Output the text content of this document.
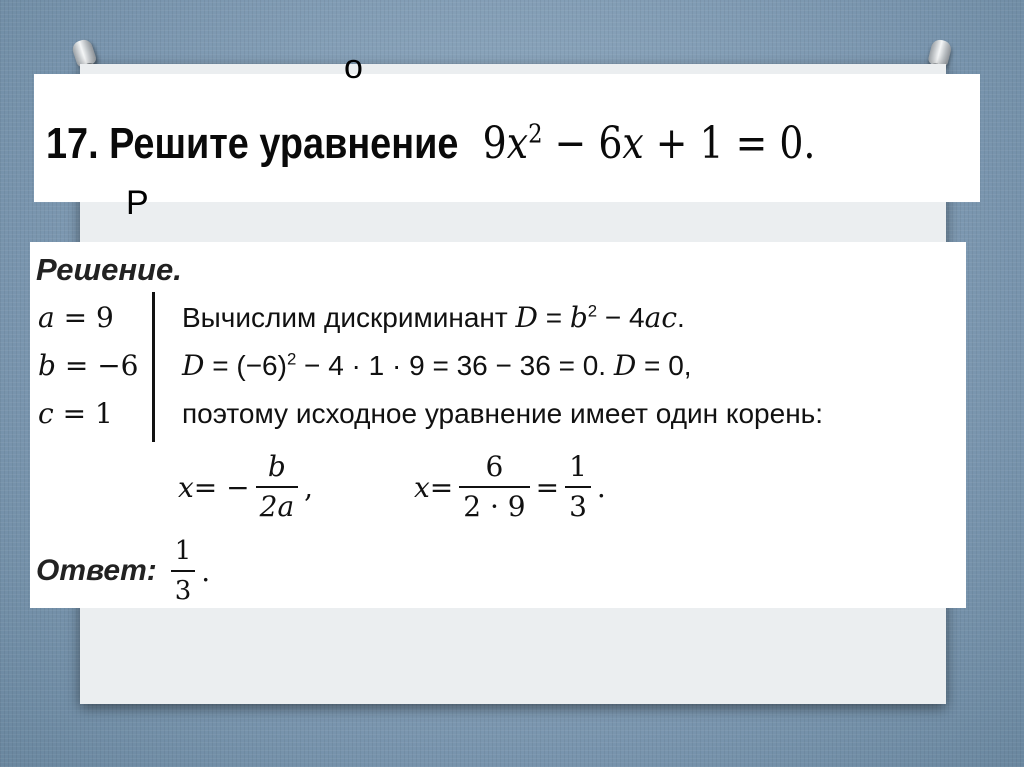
о
17. Решите уравнение $9x^2 - 6x + 1 = 0$.
Р
Решение.
a = 9
b = −6
c = 1
Вычислим дискриминант $D = b^2 - 4ac$.
$D = (-6)^2 - 4 \cdot 1 \cdot 9 = 36 - 36 = 0$. D = 0,
поэтому исходное уравнение имеет один корень:
x = − $\frac{b}{2a}$ ,	$x = \frac{6}{2 \cdot 9} = \frac{1}{3}$ .
Ответ: $\frac{1}{3}$ .
